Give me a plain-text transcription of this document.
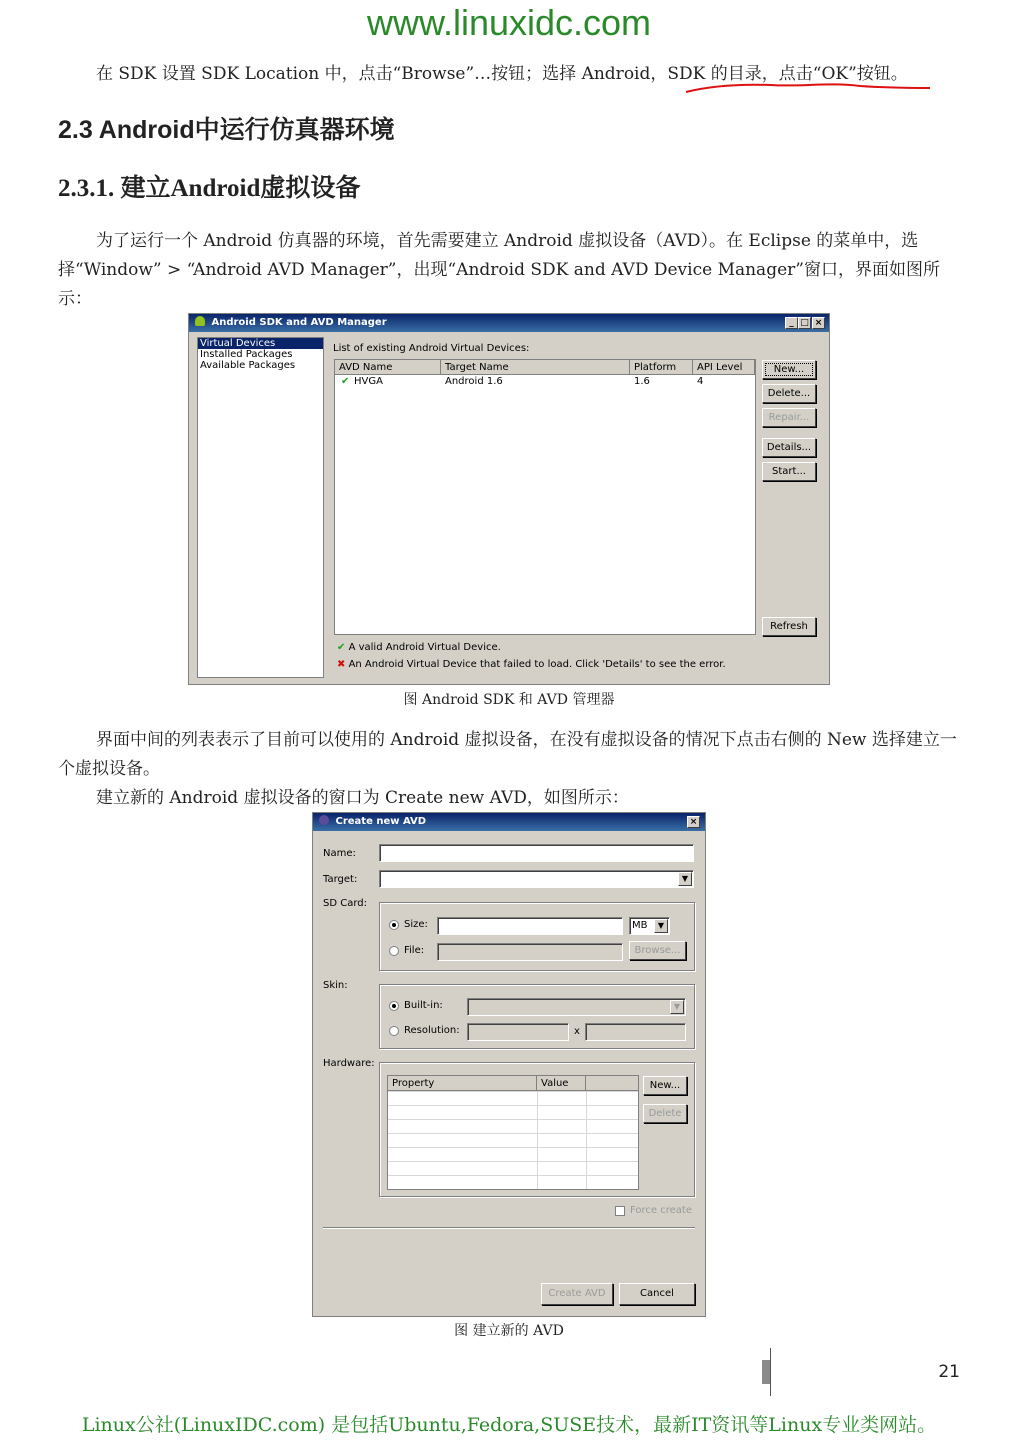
www.linuxidc.com
在 SDK 设置 SDK Location 中，点击“Browse”…按钮；选择 Android，SDK 的目录，点击“OK”按钮。
2.3 Android中运行仿真器环境
2.3.1. 建立Android虚拟设备
为了运行一个 Android 仿真器的环境，首先需要建立 Android 虚拟设备（AVD）。在 Eclipse 的菜单中，选择“Window” > “Android AVD Manager”，出现“Android SDK and AVD Device Manager”窗口，界面如图所示：
Android SDK and AVD Manager	_ □ ×
Virtual Devices
Installed Packages
Available Packages
List of existing Android Virtual Devices:
AVD Name	Target Name	Platform	API Level
✔ HVGA	Android 1.6	1.6	4
New...
Delete...
Repair...
Details...
Start...
Refresh
✔ A valid Android Virtual Device.
✖ An Android Virtual Device that failed to load. Click 'Details' to see the error.
图 Android SDK 和 AVD 管理器
界面中间的列表表示了目前可以使用的 Android 虚拟设备，在没有虚拟设备的情况下点击右侧的 New 选择建立一个虚拟设备。
建立新的 Android 虚拟设备的窗口为 Create new AVD，如图所示：
Create new AVD	×
Name:
Target:	▼
SD Card:
Size:	MB	▼
File:	Browse...
Skin:
Built-in:	▼
Resolution:	x
Hardware:
Property	Value	New...
Delete
Force create
Create AVD	Cancel
图 建立新的 AVD
21
Linux公社(LinuxIDC.com) 是包括Ubuntu,Fedora,SUSE技术，最新IT资讯等Linux专业类网站。
